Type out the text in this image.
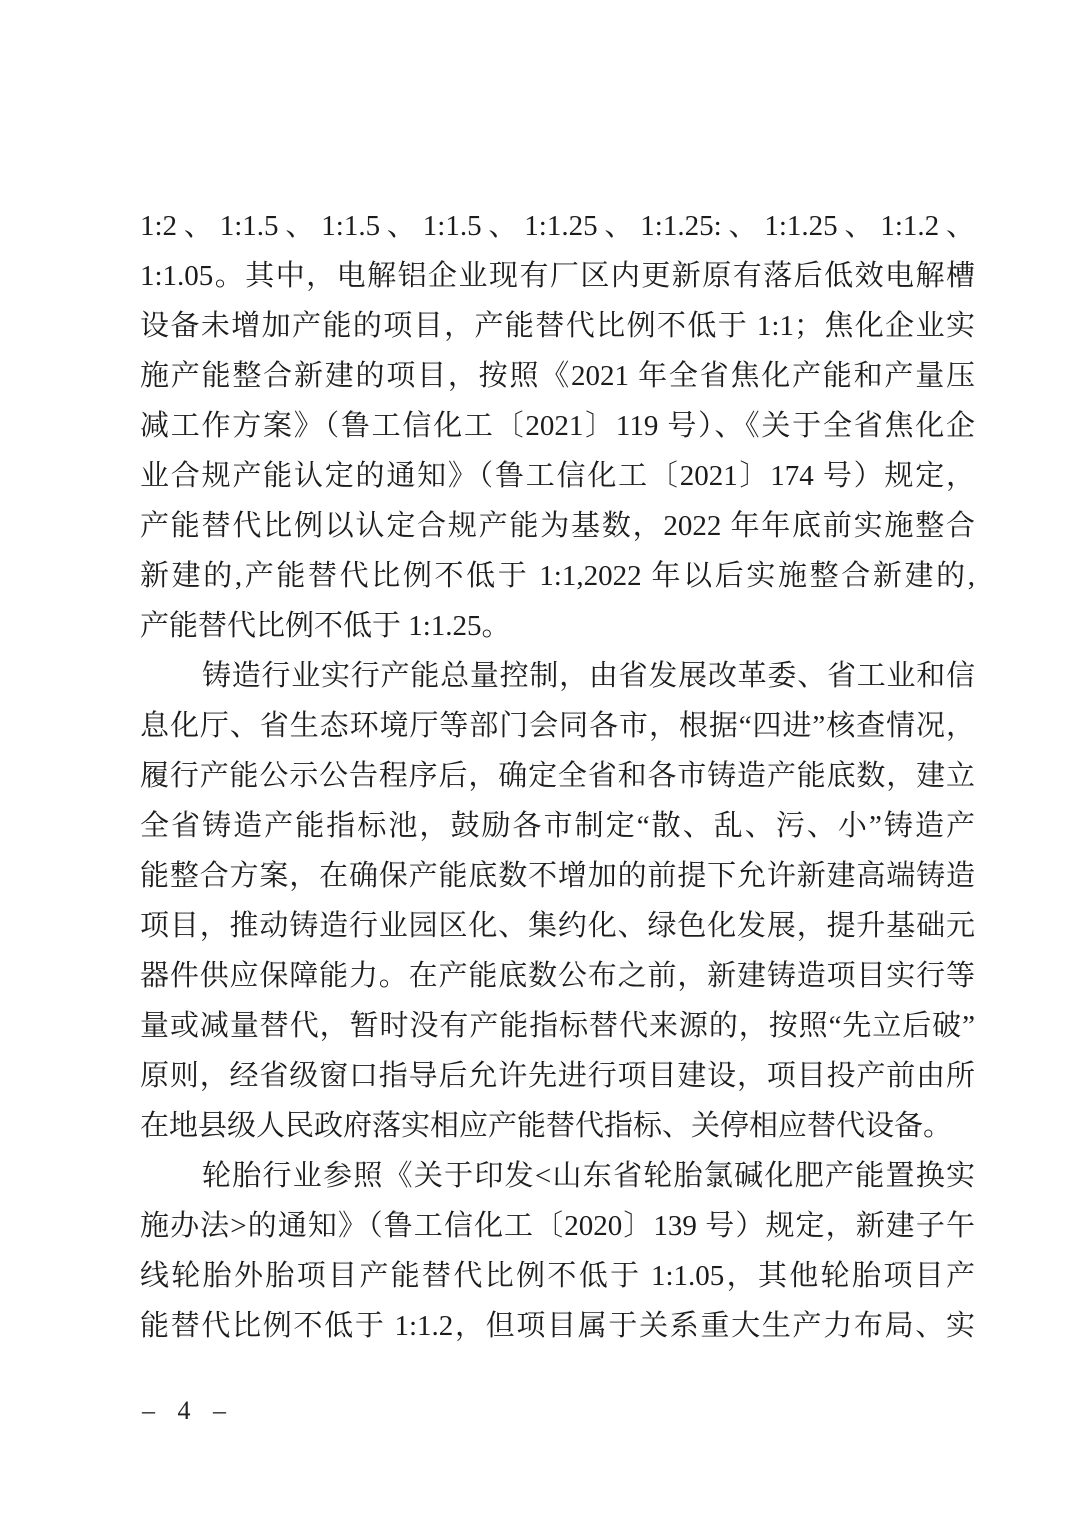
1:2、1:1.5、1:1.5、1:1.5、1:1.25、1:1.25:、1:1.25、1:1.2、
1:1.05。其中，电解铝企业现有厂区内更新原有落后低效电解槽
设备未增加产能的项目，产能替代比例不低于 1:1；焦化企业实
施产能整合新建的项目，按照《2021 年全省焦化产能和产量压
减工作方案》（鲁工信化工〔2021〕119 号）、《关于全省焦化企
业合规产能认定的通知》（鲁工信化工〔2021〕174 号）规定，
产能替代比例以认定合规产能为基数，2022 年年底前实施整合
新建的,产能替代比例不低于 1:1,2022 年以后实施整合新建的,
产能替代比例不低于 1:1.25。
铸造行业实行产能总量控制，由省发展改革委、省工业和信
息化厅、省生态环境厅等部门会同各市，根据“四进”核查情况，
履行产能公示公告程序后，确定全省和各市铸造产能底数，建立
全省铸造产能指标池，鼓励各市制定“散、乱、污、小”铸造产
能整合方案，在确保产能底数不增加的前提下允许新建高端铸造
项目，推动铸造行业园区化、集约化、绿色化发展，提升基础元
器件供应保障能力。在产能底数公布之前，新建铸造项目实行等
量或减量替代，暂时没有产能指标替代来源的，按照“先立后破”
原则，经省级窗口指导后允许先进行项目建设，项目投产前由所
在地县级人民政府落实相应产能替代指标、关停相应替代设备。
轮胎行业参照《关于印发<山东省轮胎氯碱化肥产能置换实
施办法>的通知》（鲁工信化工〔2020〕139 号）规定，新建子午
线轮胎外胎项目产能替代比例不低于 1:1.05，其他轮胎项目产
能替代比例不低于 1:1.2，但项目属于关系重大生产力布局、实
– 4 –
